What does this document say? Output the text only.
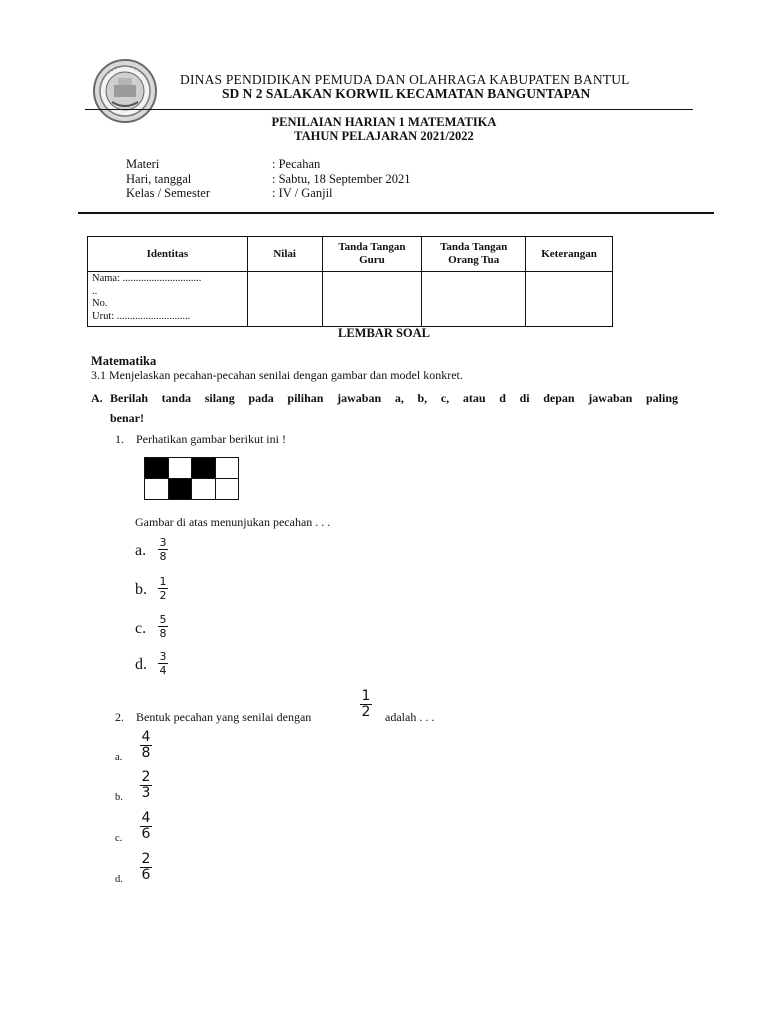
DINAS PENDIDIKAN PEMUDA DAN OLAHRAGA KABUPATEN BANTUL
SD N 2 SALAKAN KORWIL KECAMATAN BANGUNTAPAN
PENILAIAN HARIAN 1 MATEMATIKA
TAHUN PELAJARAN 2021/2022
Materi	: Pecahan
Hari, tanggal	: Sabtu, 18 September 2021
Kelas / Semester	: IV / Ganjil
Identitas	Nilai	Tanda Tangan Guru	Tanda Tangan Orang Tua	Keterangan

Nama: ..............................
..
No.
Urut: ............................				

LEMBAR SOAL
Matematika
3.1 Menjelaskan pecahan-pecahan senilai dengan gambar dan model konkret.
A. Berilah tanda silang pada pilihan jawaban a, b, c, atau d di depan jawaban paling
benar!
1. Perhatikan gambar berikut ini !

Gambar di atas menunjukan pecahan . . .
a.	3
8
b.	1
2
c.
5
8
d.	3
4
2. Bentuk pecahan yang senilai dengan
1
2 adalah . . .
a.
4
8
b.
2
3
c.
4
6
d.
2
6
